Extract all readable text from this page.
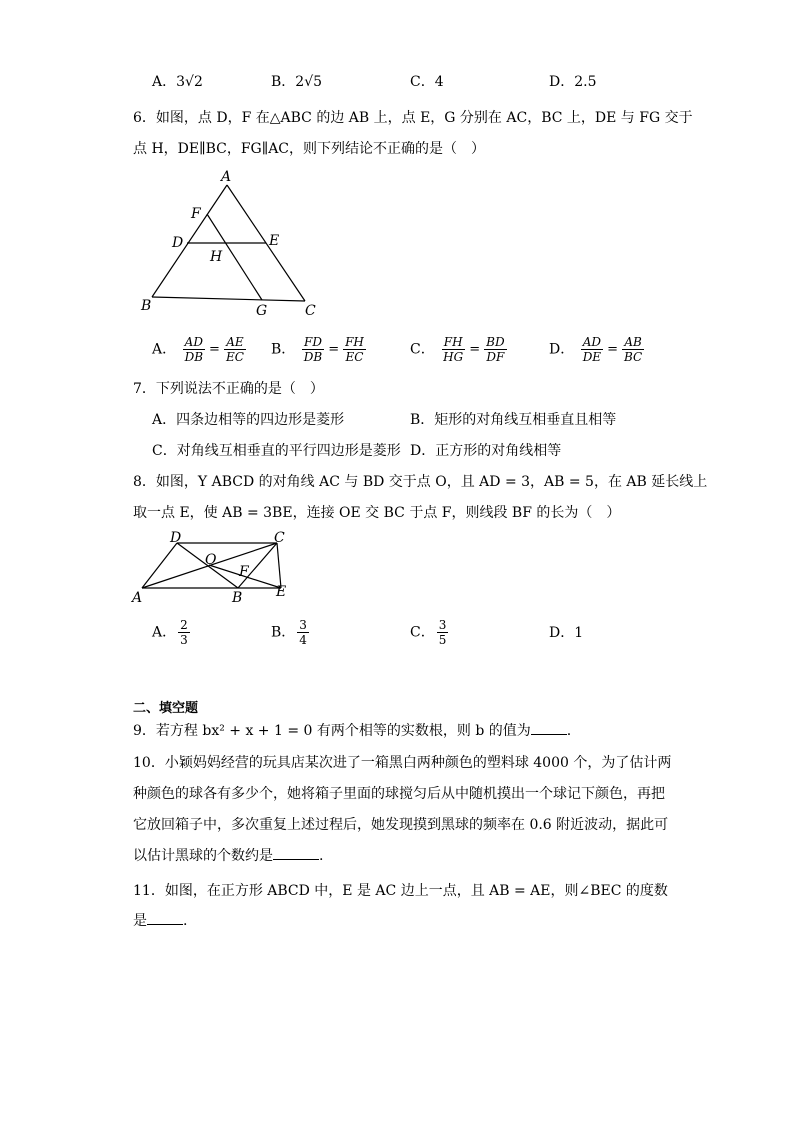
A．3√2	B．2√5	C．4	D．2.5
6．如图，点 D，F 在△ABC 的边 AB 上，点 E，G 分别在 AC，BC 上，DE 与 FG 交于
点 H，DE∥BC，FG∥AC，则下列结论不正确的是（　）
A
F
D	E
H
B	G	C
A． $\frac{AD}{DB} = \frac{AE}{EC}$ B． $\frac{FD}{DB} = \frac{FH}{EC}$	C． $\frac{FH}{HG} = \frac{BD}{DF}$	D． $\frac{AD}{DE} = \frac{AB}{BC}$
7．下列说法不正确的是（　）
A．四条边相等的四边形是菱形	B．矩形的对角线互相垂直且相等
C．对角线互相垂直的平行四边形是菱形 D．正方形的对角线相等
8．如图，Y ABCD 的对角线 AC 与 BD 交于点 O，且 AD = 3，AB = 5，在 AB 延长线上
取一点 E，使 AB = 3BE，连接 OE 交 BC 于点 F，则线段 BF 的长为（　）
D	C
O
F
A	B E
A． $\frac{2}{3}$	B． $\frac{3}{4}$	C． $\frac{3}{5}$	D．1
二、填空题
9．若方程 bx² + x + 1 = 0 有两个相等的实数根，则 b 的值为	.
10．小颖妈妈经营的玩具店某次进了一箱黑白两种颜色的塑料球 4000 个，为了估计两
种颜色的球各有多少个，她将箱子里面的球搅匀后从中随机摸出一个球记下颜色，再把
它放回箱子中，多次重复上述过程后，她发现摸到黑球的频率在 0.6 附近波动，据此可
以估计黑球的个数约是	.
11．如图，在正方形 ABCD 中，E 是 AC 边上一点，且 AB = AE，则∠BEC 的度数
是	.
